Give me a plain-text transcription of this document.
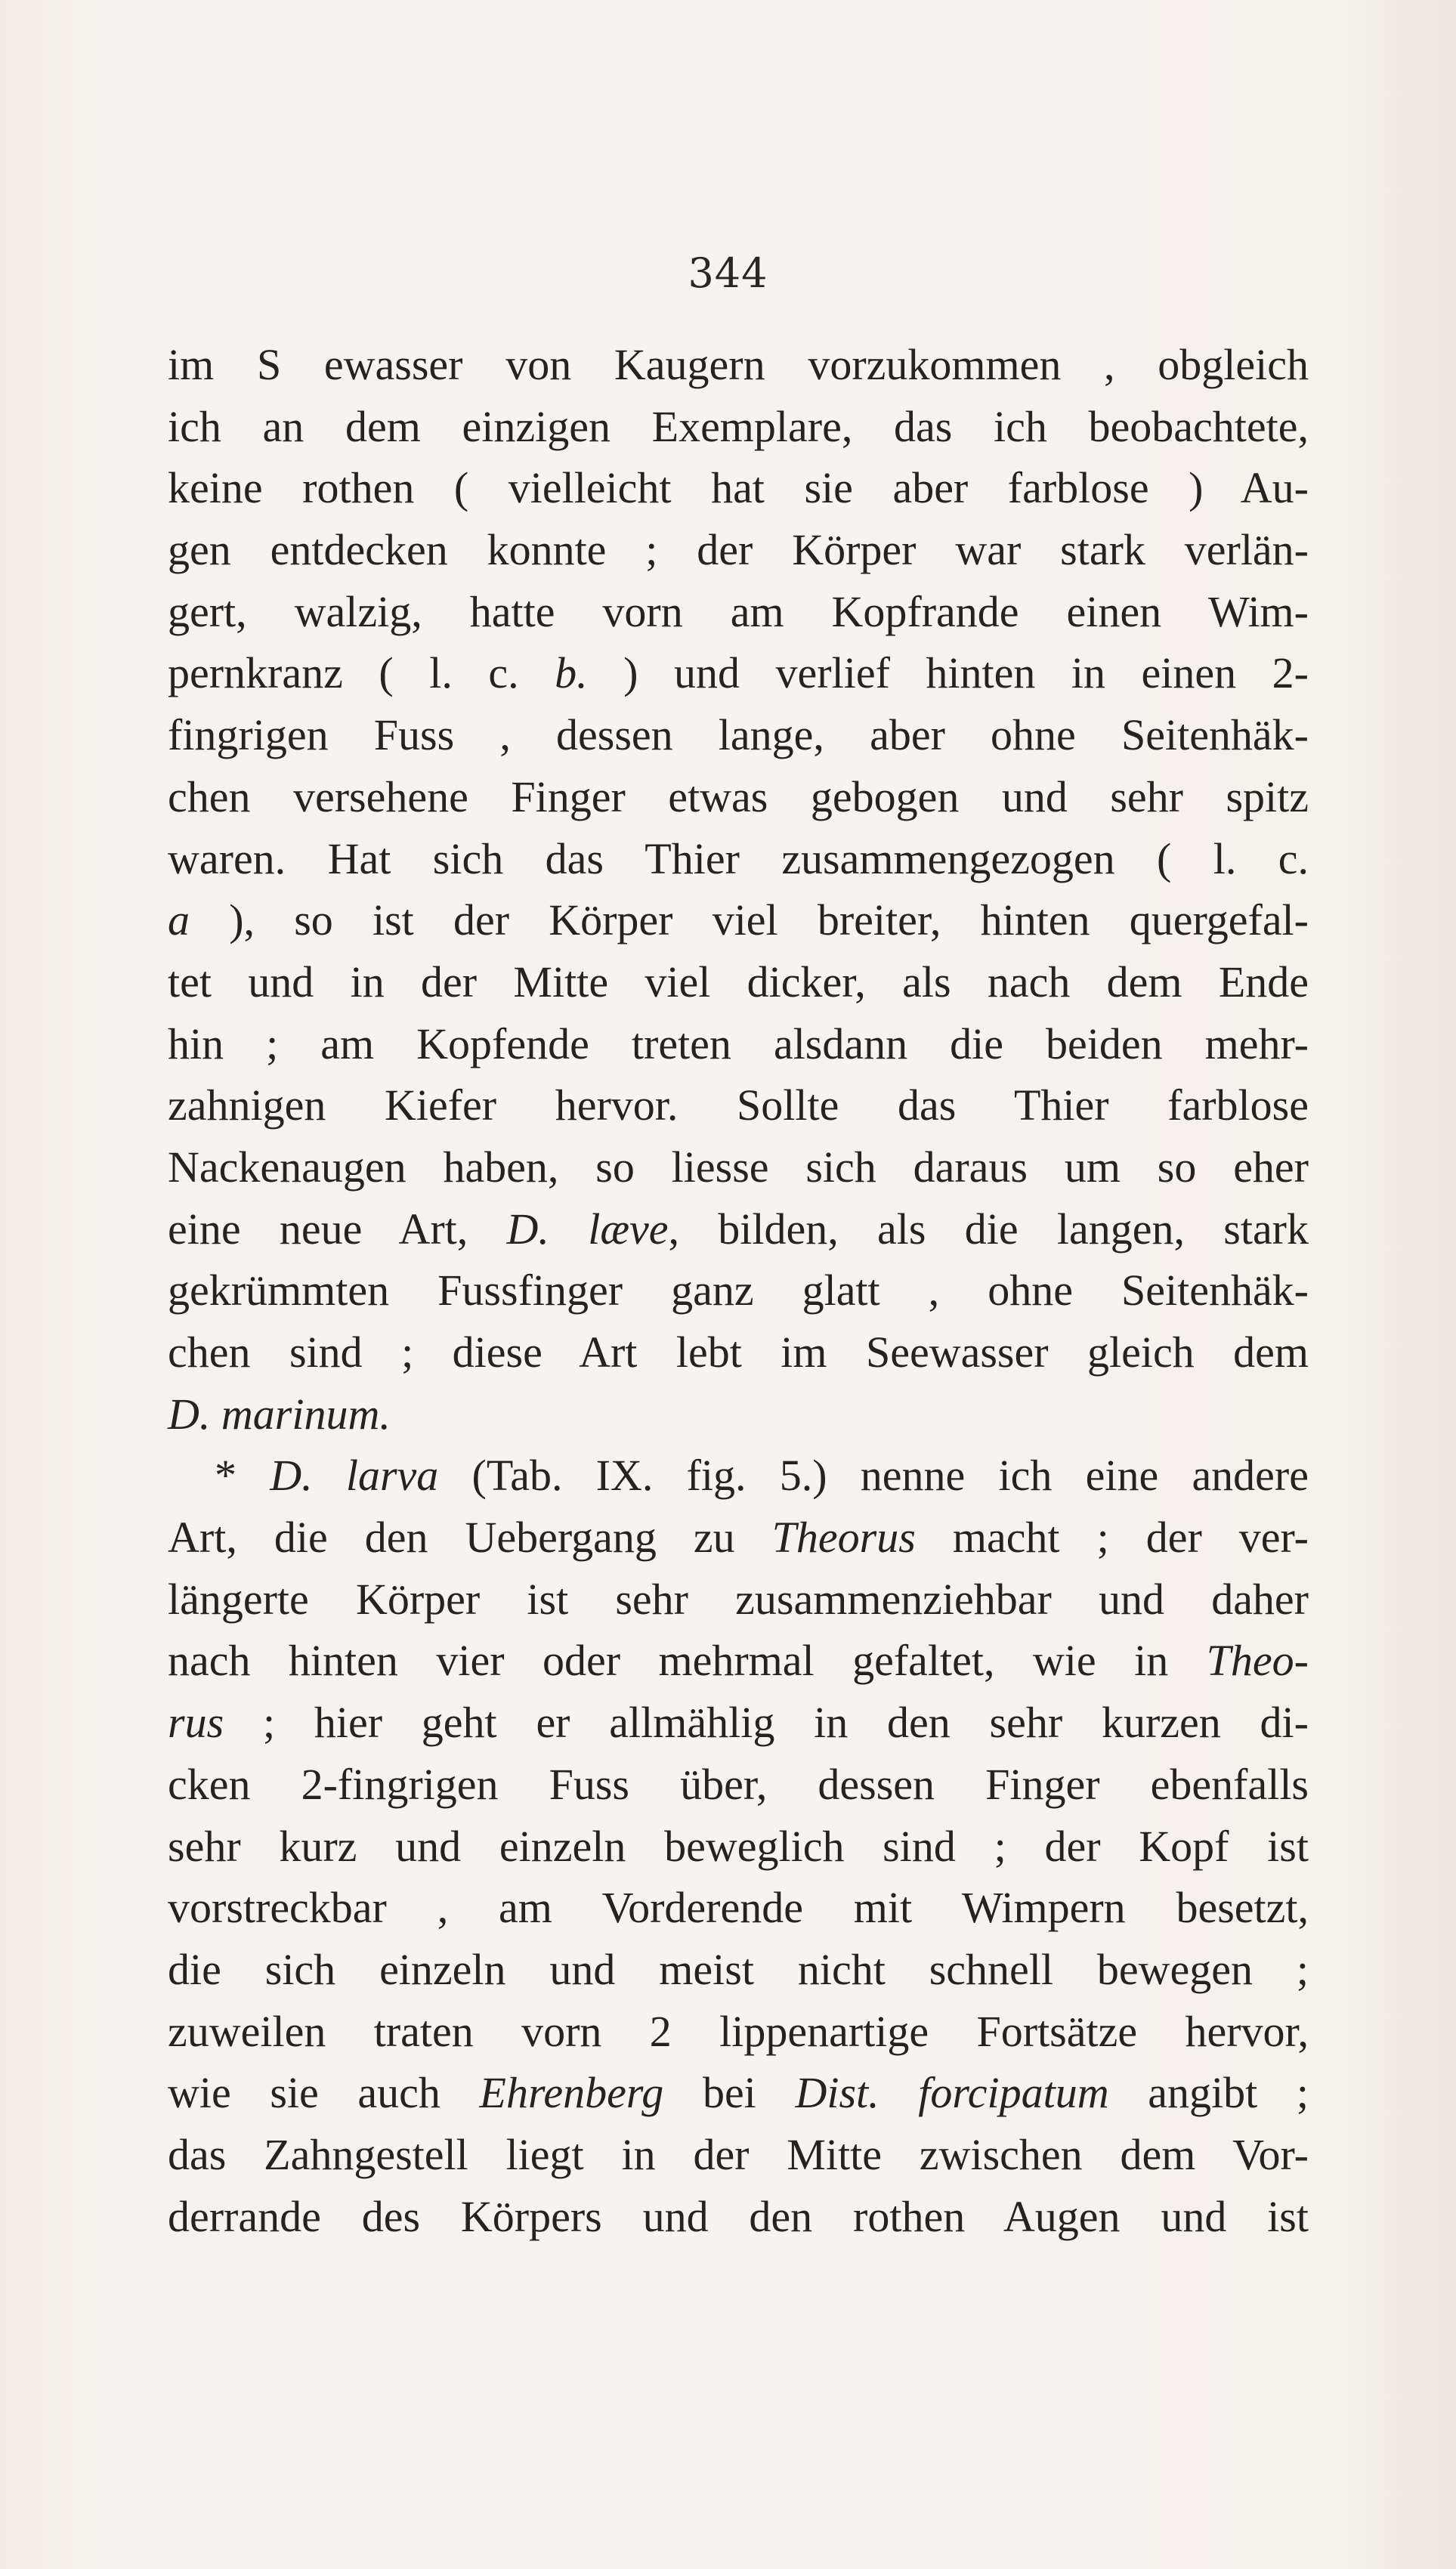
344
im S ewasser von Kaugern vorzukommen , obgleich
ich an dem einzigen Exemplare, das ich beobachtete,
keine rothen ( vielleicht hat sie aber farblose ) Au-
gen entdecken konnte ; der Körper war stark verlän-
gert, walzig, hatte vorn am Kopfrande einen Wim-
pernkranz ( l. c. b. ) und verlief hinten in einen 2-
fingrigen Fuss , dessen lange, aber ohne Seitenhäk-
chen versehene Finger etwas gebogen und sehr spitz
waren. Hat sich das Thier zusammengezogen ( l. c.
a ), so ist der Körper viel breiter, hinten quergefal-
tet und in der Mitte viel dicker, als nach dem Ende
hin ; am Kopfende treten alsdann die beiden mehr-
zahnigen Kiefer hervor. Sollte das Thier farblose
Nackenaugen haben, so liesse sich daraus um so eher
eine neue Art, D. læve, bilden, als die langen, stark
gekrümmten Fussfinger ganz glatt , ohne Seitenhäk-
chen sind ; diese Art lebt im Seewasser gleich dem
D. marinum.
* D. larva (Tab. IX. fig. 5.) nenne ich eine andere
Art, die den Uebergang zu Theorus macht ; der ver-
längerte Körper ist sehr zusammenziehbar und daher
nach hinten vier oder mehrmal gefaltet, wie in Theo-
rus ; hier geht er allmählig in den sehr kurzen di-
cken 2-fingrigen Fuss über, dessen Finger ebenfalls
sehr kurz und einzeln beweglich sind ; der Kopf ist
vorstreckbar , am Vorderende mit Wimpern besetzt,
die sich einzeln und meist nicht schnell bewegen ;
zuweilen traten vorn 2 lippenartige Fortsätze hervor,
wie sie auch Ehrenberg bei Dist. forcipatum angibt ;
das Zahngestell liegt in der Mitte zwischen dem Vor-
derrande des Körpers und den rothen Augen und ist
